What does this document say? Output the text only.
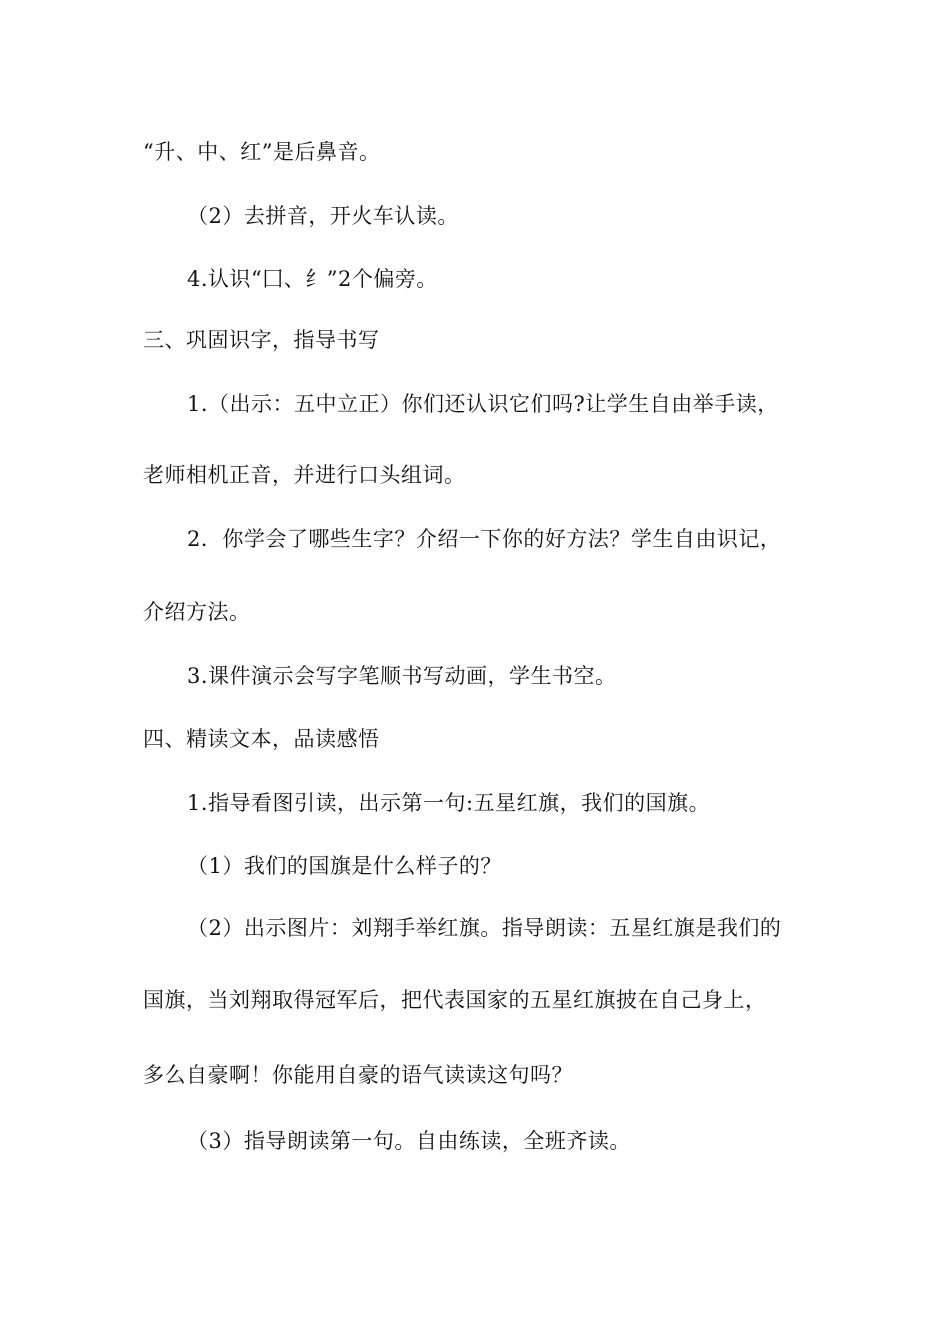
“升、中、红”是后鼻音。
（2）去拼音，开火车认读。
4.认识“囗、纟”2个偏旁。
三、巩固识字，指导书写
1.（出示：五中立正）你们还认识它们吗?让学生自由举手读，
老师相机正音，并进行口头组词。
2．你学会了哪些生字？介绍一下你的好方法？学生自由识记，
介绍方法。
3.课件演示会写字笔顺书写动画，学生书空。
四、精读文本，品读感悟
1.指导看图引读，出示第一句:五星红旗，我们的国旗。
（1）我们的国旗是什么样子的？
（2）出示图片：刘翔手举红旗。指导朗读：五星红旗是我们的
国旗，当刘翔取得冠军后，把代表国家的五星红旗披在自己身上，
多么自豪啊！你能用自豪的语气读读这句吗？
（3）指导朗读第一句。自由练读，全班齐读。
